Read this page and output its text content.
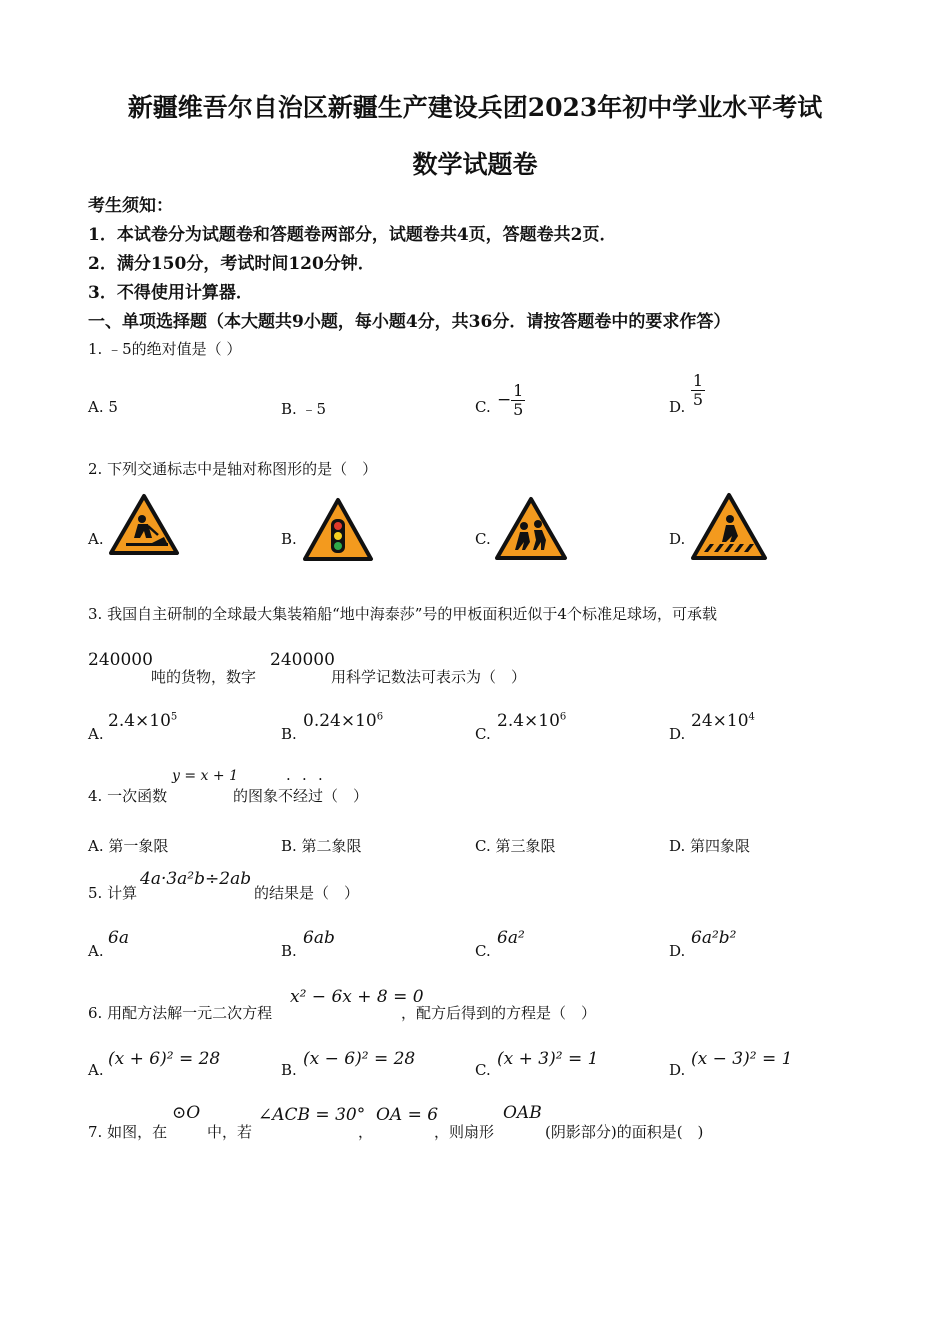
新疆维吾尔自治区新疆生产建设兵团2023年初中学业水平考试
数学试题卷
考生须知：
1．本试卷分为试题卷和答题卷两部分，试题卷共4页，答题卷共2页．
2．满分150分，考试时间120分钟．
3．不得使用计算器．
一、单项选择题（本大题共9小题，每小题4分，共36分．请按答题卷中的要求作答）
1. ﹣5的绝对值是（ ）
A. 5	B. ﹣5	C. − $\frac{1}{5}$	D. $\frac{1}{5}$
2. 下列交通标志中是轴对称图形的是（　）
A.	B.	C.	D.
3. 我国自主研制的全球最大集装箱船“地中海泰莎”号的甲板面积近似于4个标准足球场，可承载
240000
吨的货物，数字
240000
用科学记数法可表示为（　）
A.
$2.4\times 10^5$
B.
$0.24\times 10^6$
C.
$2.4\times 10^6$
D.
$24\times 10^4$
4. 一次函数
y = x + 1
的图象不经过（　）
· · ·
A. 第一象限	B. 第二象限	C. 第三象限	D. 第四象限
5. 计算
4a·3a²b÷2ab
的结果是（　）
A.
6a
B.
6ab
C.
6a²
D.
6a²b²
6. 用配方法解一元二次方程
x² − 6x + 8 = 0
，配方后得到的方程是（　）
A.
(x + 6)² = 28
B.
(x − 6)² = 28
C.
(x + 3)² = 1
D.
(x − 3)² = 1
7. 如图，在
⊙O
中，若
∠ACB = 30°
，
OA = 6
，则扇形
OAB
(阴影部分)的面积是(　)
